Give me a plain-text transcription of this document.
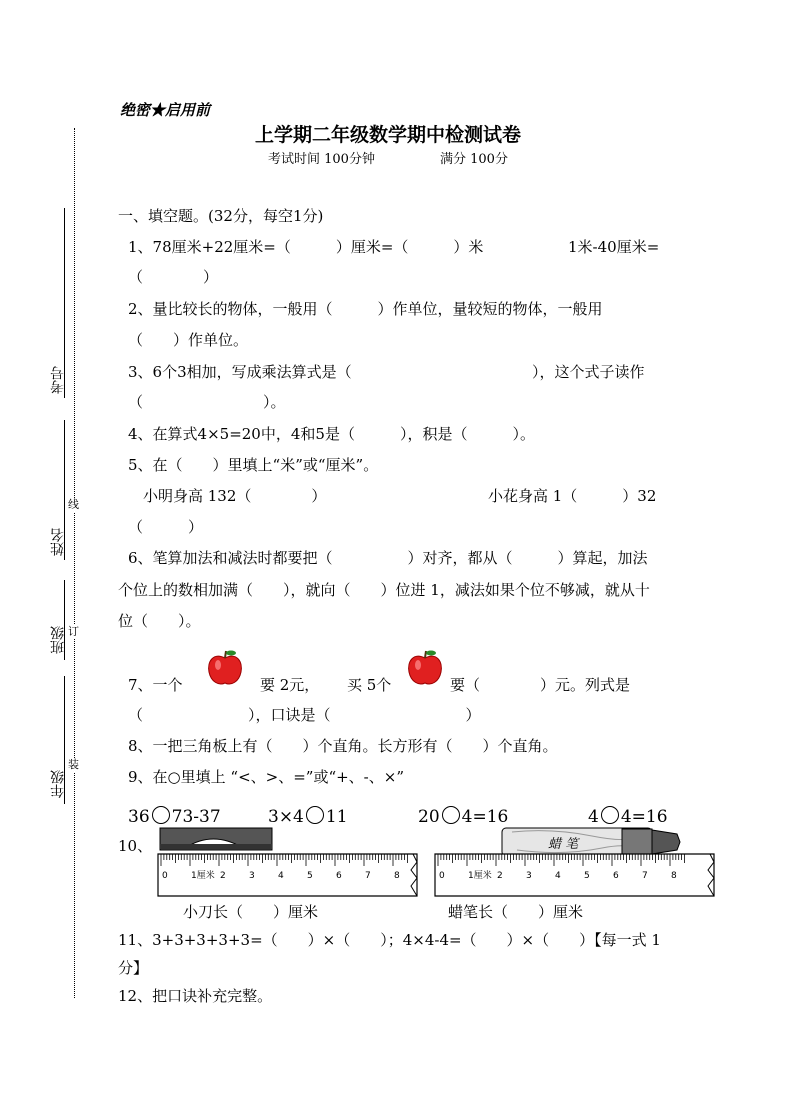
线
订
装
考号
姓名
班级
年级
绝密★启用前
上学期二年级数学期中检测试卷
考试时间 100分钟	满分 100分
一、填空题。(32分，每空1分)
1、78厘米+22厘米=（　　　）厘米=（　　　）米	1米-40厘米=
（　　　　）
2、量比较长的物体，一般用（　　　）作单位，量较短的物体，一般用
（　　）作单位。
3、6个3相加，写成乘法算式是（	），这个式子读作
（　　　　　　　　）。
4、在算式4×5=20中，4和5是（　　　），积是（　　　）。
5、在（　　）里填上“米”或“厘米”。
小明身高 132（　　　　）	小花身高 1（　　　）32
（　　　）
6、笔算加法和减法时都要把（　　　　　）对齐，都从（　　　）算起，加法
个位上的数相加满（　　），就向（　　）位进 1，减法如果个位不够减，就从十
位（　　）。
7、一个	要 2元， 买 5个	要（　　　　）元。列式是
（　　　　　　　），口诀是（　　　　　　　　　）
8、一把三角板上有（　　）个直角。长方形有（　　）个直角。
9、在○里填上 “<、>、=”或“+、-、×”
36 73-37	3×4 11	20 4=16	4 4=16
10、
0	1厘米 2	3	4	5	6	7	8
蜡 笔
0	1厘米 2	3	4	5	6	7	8
小刀长（　　）厘米	蜡笔长（　　）厘米
11、3+3+3+3+3=（　　）×（　　）；4×4-4=（　　）×（　　）【每一式 1
分】
12、把口诀补充完整。
